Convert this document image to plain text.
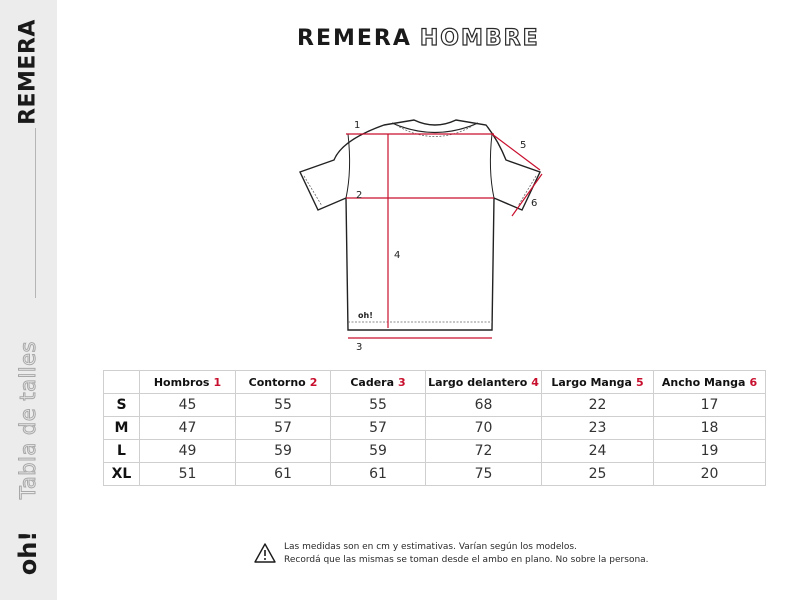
REMERA
Tabla de talles
oh!
REMERA HOMBRE
1
2
3
4
5
6
oh!
	Hombros 1	Contorno 2	Cadera 3	Largo delantero 4	Largo Manga 5	Ancho Manga 6
S	45	55	55	68	22	17
M	47	57	57	70	23	18
L	49	59	59	72	24	19
XL	51	61	61	75	25	20
Las medidas son en cm y estimativas. Varían según los modelos.
Recordá que las mismas se toman desde el ambo en plano. No sobre la persona.
